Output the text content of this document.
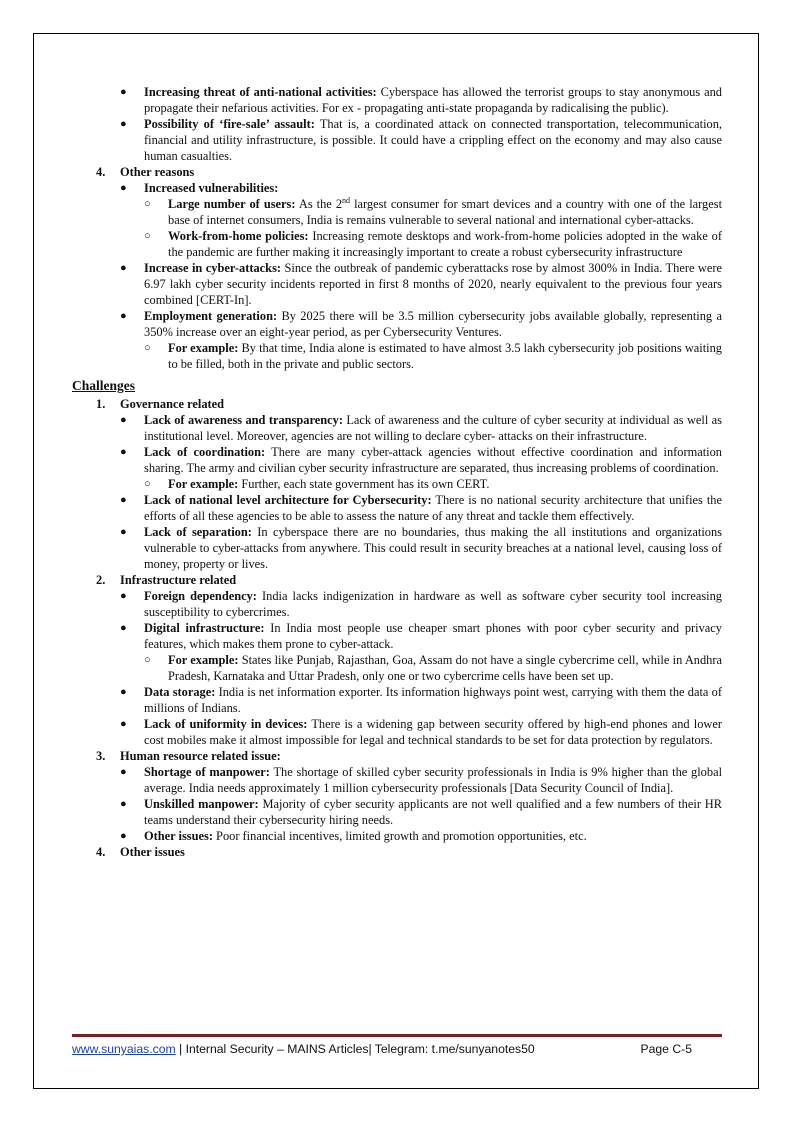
● Increasing threat of anti-national activities: Cyberspace has allowed the terrorist groups to stay anonymous and propagate their nefarious activities. For ex - propagating anti-state propaganda by radicalising the public).
● Possibility of ‘fire-sale’ assault: That is, a coordinated attack on connected transportation, telecommunication, financial and utility infrastructure, is possible. It could have a crippling effect on the economy and may also cause human casualties.
4. Other reasons
● Increased vulnerabilities:
○ Large number of users: As the 2nd largest consumer for smart devices and a country with one of the largest base of internet consumers, India is remains vulnerable to several national and international cyber-attacks.
○ Work-from-home policies: Increasing remote desktops and work-from-home policies adopted in the wake of the pandemic are further making it increasingly important to create a robust cybersecurity infrastructure
● Increase in cyber-attacks: Since the outbreak of pandemic cyberattacks rose by almost 300% in India. There were 6.97 lakh cyber security incidents reported in first 8 months of 2020, nearly equivalent to the previous four years combined [CERT-In].
● Employment generation: By 2025 there will be 3.5 million cybersecurity jobs available globally, representing a 350% increase over an eight-year period, as per Cybersecurity Ventures.
○ For example: By that time, India alone is estimated to have almost 3.5 lakh cybersecurity job positions waiting to be filled, both in the private and public sectors.
Challenges
1. Governance related
● Lack of awareness and transparency: Lack of awareness and the culture of cyber security at individual as well as institutional level. Moreover, agencies are not willing to declare cyber- attacks on their infrastructure.
● Lack of coordination: There are many cyber-attack agencies without effective coordination and information sharing. The army and civilian cyber security infrastructure are separated, thus increasing problems of coordination.
○ For example: Further, each state government has its own CERT.
● Lack of national level architecture for Cybersecurity: There is no national security architecture that unifies the efforts of all these agencies to be able to assess the nature of any threat and tackle them effectively.
● Lack of separation: In cyberspace there are no boundaries, thus making the all institutions and organizations vulnerable to cyber-attacks from anywhere. This could result in security breaches at a national level, causing loss of money, property or lives.
2. Infrastructure related
● Foreign dependency: India lacks indigenization in hardware as well as software cyber security tool increasing susceptibility to cybercrimes.
● Digital infrastructure: In India most people use cheaper smart phones with poor cyber security and privacy features, which makes them prone to cyber-attack.
○ For example: States like Punjab, Rajasthan, Goa, Assam do not have a single cybercrime cell, while in Andhra Pradesh, Karnataka and Uttar Pradesh, only one or two cybercrime cells have been set up.
● Data storage: India is net information exporter. Its information highways point west, carrying with them the data of millions of Indians.
● Lack of uniformity in devices: There is a widening gap between security offered by high-end phones and lower cost mobiles make it almost impossible for legal and technical standards to be set for data protection by regulators.
3. Human resource related issue:
● Shortage of manpower: The shortage of skilled cyber security professionals in India is 9% higher than the global average. India needs approximately 1 million cybersecurity professionals [Data Security Council of India].
● Unskilled manpower: Majority of cyber security applicants are not well qualified and a few numbers of their HR teams understand their cybersecurity hiring needs.
● Other issues: Poor financial incentives, limited growth and promotion opportunities, etc.
4. Other issues
www.sunyaias.com | Internal Security – MAINS Articles| Telegram: t.me/sunyanotes50	Page C-5
